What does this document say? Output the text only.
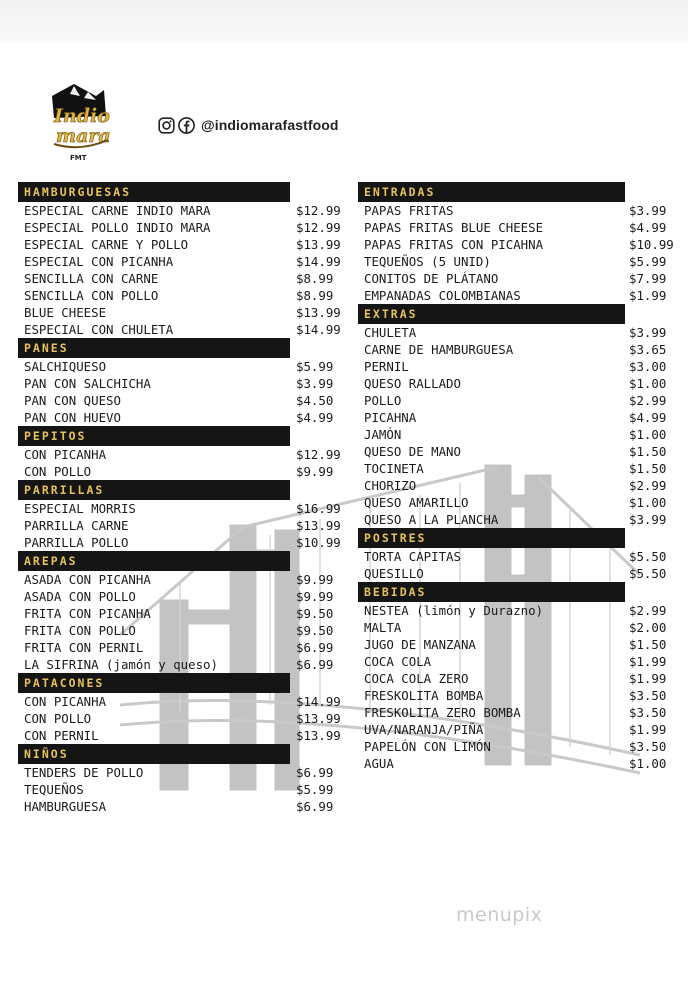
Indio
mara
FMT
@indiomarafastfood
HAMBURGUESAS
ESPECIAL CARNE INDIO MARA	$12.99
ESPECIAL POLLO INDIO MARA	$12.99
ESPECIAL CARNE Y POLLO	$13.99
ESPECIAL CON PICANHA	$14.99
SENCILLA CON CARNE	$8.99
SENCILLA CON POLLO	$8.99
BLUE CHEESE	$13.99
ESPECIAL CON CHULETA	$14.99
PANES
SALCHIQUESO	$5.99
PAN CON SALCHICHA	$3.99
PAN CON QUESO	$4.50
PAN CON HUEVO	$4.99
PEPITOS
CON PICANHA	$12.99
CON POLLO	$9.99
PARRILLAS
ESPECIAL MORRIS	$16.99
PARRILLA CARNE	$13.99
PARRILLA POLLO	$10.99
AREPAS
ASADA CON PICANHA	$9.99
ASADA CON POLLO	$9.99
FRITA CON PICANHA	$9.50
FRITA CON POLLO	$9.50
FRITA CON PERNIL	$6.99
LA SIFRINA (jamón y queso)	$6.99
PATACONES
CON PICANHA	$14.99
CON POLLO	$13.99
CON PERNIL	$13.99
NIÑOS
TENDERS DE POLLO	$6.99
TEQUEÑOS	$5.99
HAMBURGUESA	$6.99
ENTRADAS
PAPAS FRITAS	$3.99
PAPAS FRITAS BLUE CHEESE	$4.99
PAPAS FRITAS CON PICAHNA	$10.99
TEQUEÑOS (5 UNID)	$5.99
CONITOS DE PLÁTANO	$7.99
EMPANADAS COLOMBIANAS	$1.99
EXTRAS
CHULETA	$3.99
CARNE DE HAMBURGUESA	$3.65
PERNIL	$3.00
QUESO RALLADO	$1.00
POLLO	$2.99
PICAHNA	$4.99
JAMÓN	$1.00
QUESO DE MANO	$1.50
TOCINETA	$1.50
CHORIZO	$2.99
QUESO AMARILLO	$1.00
QUESO A LA PLANCHA	$3.99
POSTRES
TORTA CAPITAS	$5.50
QUESILLO	$5.50
BEBIDAS
NESTEA (limón y Durazno)	$2.99
MALTA	$2.00
JUGO DE MANZANA	$1.50
COCA COLA	$1.99
COCA COLA ZERO	$1.99
FRESKOLITA BOMBA	$3.50
FRESKOLITA ZERO BOMBA	$3.50
UVA/NARANJA/PIÑA	$1.99
PAPELÓN CON LIMÓN	$3.50
AGUA	$1.00
menupix
